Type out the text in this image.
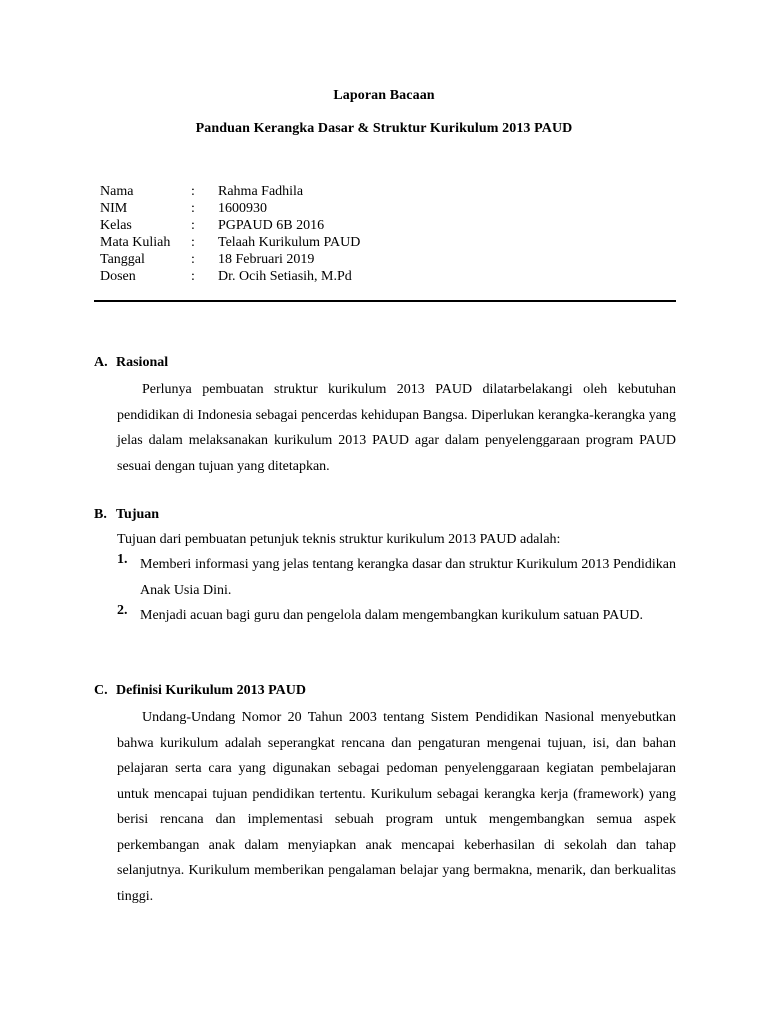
Laporan Bacaan
Panduan Kerangka Dasar & Struktur Kurikulum 2013 PAUD
Nama	: Rahma Fadhila
NIM	: 1600930
Kelas	: PGPAUD 6B 2016
Mata Kuliah : Telaah Kurikulum PAUD
Tanggal	: 18 Februari 2019
Dosen	: Dr. Ocih Setiasih, M.Pd
A. Rasional
Perlunya pembuatan struktur kurikulum 2013 PAUD dilatarbelakangi oleh kebutuhan pendidikan di Indonesia sebagai pencerdas kehidupan Bangsa. Diperlukan kerangka-kerangka yang jelas dalam melaksanakan kurikulum 2013 PAUD agar dalam penyelenggaraan program PAUD sesuai dengan tujuan yang ditetapkan.
B. Tujuan
Tujuan dari pembuatan petunjuk teknis struktur kurikulum 2013 PAUD adalah:
1. Memberi informasi yang jelas tentang kerangka dasar dan struktur Kurikulum 2013 Pendidikan Anak Usia Dini.
2. Menjadi acuan bagi guru dan pengelola dalam mengembangkan kurikulum satuan PAUD.
C. Definisi Kurikulum 2013 PAUD
Undang-Undang Nomor 20 Tahun 2003 tentang Sistem Pendidikan Nasional menyebutkan bahwa kurikulum adalah seperangkat rencana dan pengaturan mengenai tujuan, isi, dan bahan pelajaran serta cara yang digunakan sebagai pedoman penyelenggaraan kegiatan pembelajaran untuk mencapai tujuan pendidikan tertentu. Kurikulum sebagai kerangka kerja (framework) yang berisi rencana dan implementasi sebuah program untuk mengembangkan semua aspek perkembangan anak dalam menyiapkan anak mencapai keberhasilan di sekolah dan tahap selanjutnya. Kurikulum memberikan pengalaman belajar yang bermakna, menarik, dan berkualitas tinggi.
